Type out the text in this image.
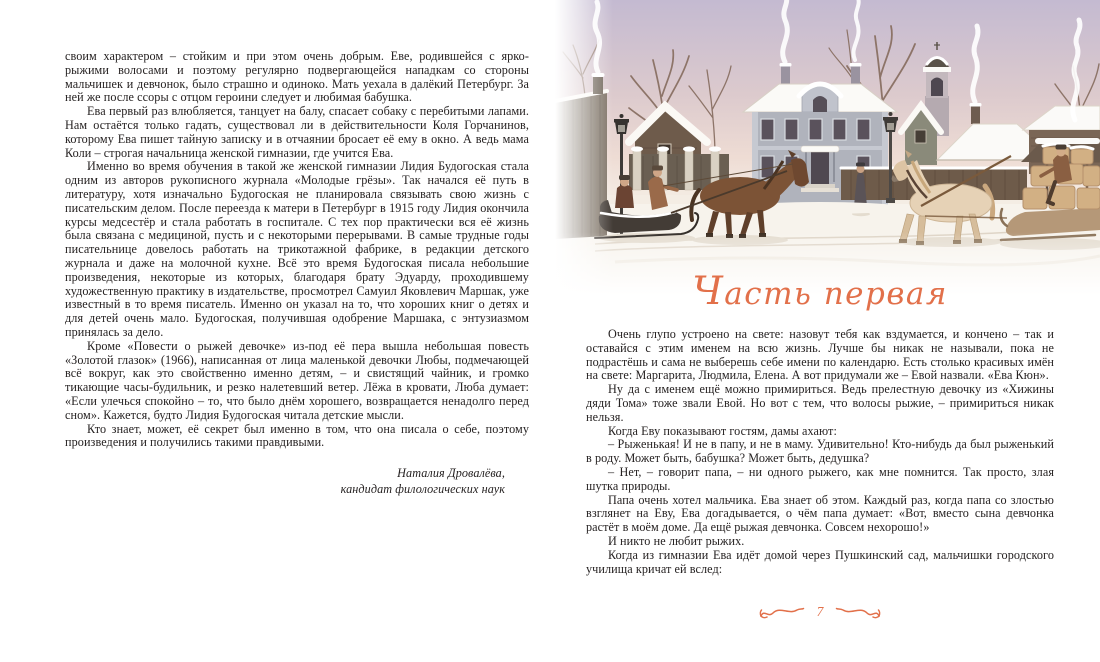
своим характером – стойким и при этом очень добрым. Еве, родившейся с ярко-рыжими волосами и поэтому регулярно подвергающейся нападкам со стороны мальчишек и девчонок, было страшно и одиноко. Мать уехала в далёкий Петербург. За ней же после ссоры с отцом героини следует и любимая бабушка.

Ева первый раз влюбляется, танцует на балу, спасает собаку с перебитыми лапами. Нам остаётся только гадать, существовал ли в действительности Коля Горчанинов, которому Ева пишет тайную записку и в отчаянии бросает её ему в окно. А ведь мама Коли – строгая начальница женской гимназии, где учится Ева.

Именно во время обучения в такой же женской гимназии Лидия Будогоская стала одним из авторов рукописного журнала «Молодые грёзы». Так начался её путь в литературу, хотя изначально Будогоская не планировала связывать свою жизнь с писательским делом. После переезда к матери в Петербург в 1915 году Лидия окончила курсы медсестёр и стала работать в госпитале. С тех пор практически вся её жизнь была связана с медициной, пусть и с некоторыми перерывами. В самые трудные годы писательнице довелось работать на трикотажной фабрике, в редакции детского журнала и даже на молочной кухне. Всё это время Будогоская писала небольшие произведения, некоторые из которых, благодаря брату Эдуарду, проходившему художественную практику в издательстве, просмотрел Самуил Яковлевич Маршак, уже известный в то время писатель. Именно он указал на то, что хороших книг о детях и для детей очень мало. Будогоская, получившая одобрение Маршака, с энтузиазмом принялась за дело.

Кроме «Повести о рыжей девочке» из-под её пера вышла небольшая повесть «Золотой глазок» (1966), написанная от лица маленькой девочки Любы, подмечающей всё вокруг, как это свойственно именно детям, – и свистящий чайник, и громко тикающие часы-будильник, и резко налетевший ветер. Лёжа в кровати, Люба думает: «Если улечься спокойно – то, что было днём хорошего, возвращается ненадолго перед сном». Кажется, будто Лидия Будогоская читала детские мысли.

Кто знает, может, её секрет был именно в том, что она писала о себе, поэтому произведения и получились такими правдивыми.

Наталия Дровалёва,
кандидат филологических наук
Часть первая

Очень глупо устроено на свете: назовут тебя как вздумается, и кончено – так и оставайся с этим именем на всю жизнь. Лучше бы никак не называли, пока не подрастёшь и сама не выберешь себе имени по календарю. Есть столько красивых имён на свете: Маргарита, Людмила, Елена. А вот придумали же – Евой назвали. «Ева Кюн».

Ну да с именем ещё можно примириться. Ведь прелестную девочку из «Хижины дяди Тома» тоже звали Евой. Но вот с тем, что волосы рыжие, – примириться никак нельзя.

Когда Еву показывают гостям, дамы ахают:

– Рыженькая! И не в папу, и не в маму. Удивительно! Кто-нибудь да был рыженький в роду. Может быть, бабушка? Может быть, дедушка?

– Нет, – говорит папа, – ни одного рыжего, как мне помнится. Так просто, злая шутка природы.

Папа очень хотел мальчика. Ева знает об этом. Каждый раз, когда папа со злостью взглянет на Еву, Ева догадывается, о чём папа думает: «Вот, вместо сына девчонка растёт в моём доме. Да ещё рыжая девчонка. Совсем нехорошо!»

И никто не любит рыжих.

Когда из гимназии Ева идёт домой через Пушкинский сад, мальчишки городского училища кричат ей вслед:

7
